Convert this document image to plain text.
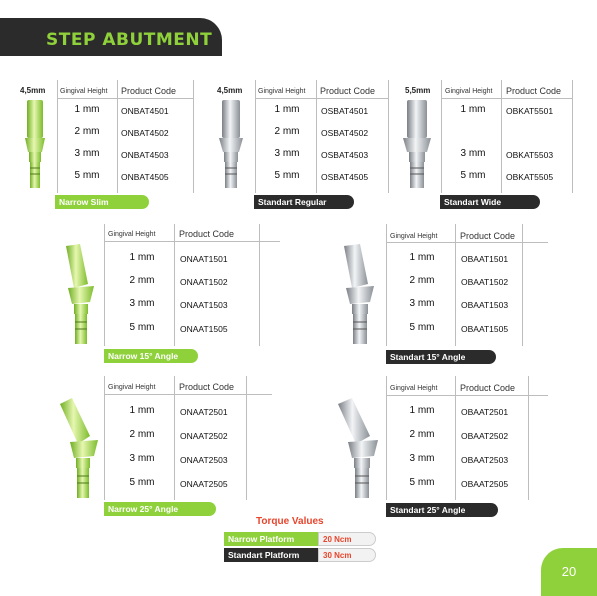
STEP ABUTMENT
4,5mm Gingival Height Product Code
1 mm	ONBAT4501
2 mm	ONBAT4502
3 mm	ONBAT4503
5 mm	ONBAT4505
Narrow Slim
4,5mm Gingival Height Product Code
1 mm	OSBAT4501
2 mm	OSBAT4502
3 mm	OSBAT4503
5 mm	OSBAT4505
Standart Regular
5,5mm Gingival Height Product Code
1 mm	OBKAT5501
3 mm	OBKAT5503
5 mm	OBKAT5505
Standart Wide
Gingival Height	Product Code
1 mm	ONAAT1501
2 mm	ONAAT1502
3 mm	ONAAT1503
5 mm	ONAAT1505
Narrow 15° Angle
Gingival Height	Product Code
1 mm	OBAAT1501
2 mm	OBAAT1502
3 mm	OBAAT1503
5 mm	OBAAT1505
Standart 15° Angle
Gingival Height	Product Code
1 mm	ONAAT2501
2 mm	ONAAT2502
3 mm	ONAAT2503
5 mm	ONAAT2505
Narrow 25° Angle
Gingival Height	Product Code
1 mm	OBAAT2501
2 mm	OBAAT2502
3 mm	OBAAT2503
5 mm	OBAAT2505
Standart 25° Angle
Torque Values
Narrow Platform	20 Ncm
Standart Platform	30 Ncm
20
